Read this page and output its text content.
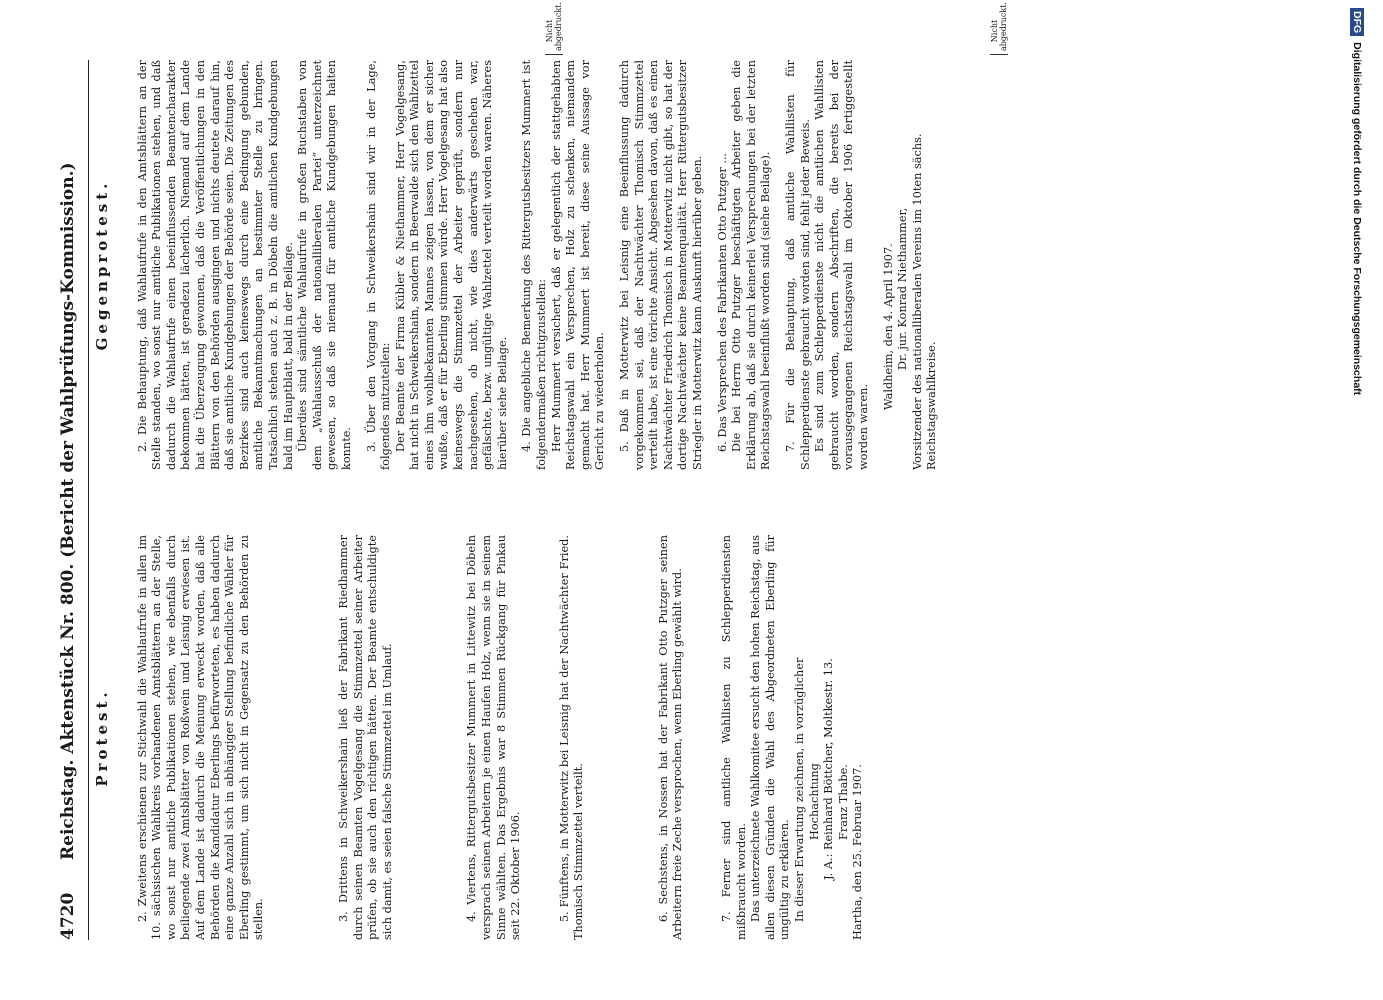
4720
Reichstag. Aktenstück Nr. 800. (Bericht der Wahlprüfungs-Kommission.) Protest. 2. Zweitens erschienen zur Stichwahl die Wahlaufrufe in allen im 10. sächsischen Wahlkreis vorhandenen Amtsblättern an der Stelle, wo sonst nur amtliche Publikationen stehen, wie ebenfalls durch beiliegende zwei Amtsblätter von Roßwein und Leisnig erwiesen ist. Auf dem Lande ist dadurch die Meinung erweckt worden, daß alle Behörden die Kandidatur Eberlings befürworteten, es haben dadurch eine ganze Anzahl sich in abhängiger Stellung befindliche Wähler für Eberling gestimmt, um sich nicht in Gegensatz zu den Behörden zu stellen.	3. Drittens in Schweikershain ließ der Fabrikant Riedhammer durch seinen Beamten Vogelgesang die Stimmzettel seiner Arbeiter prüfen, ob sie auch den richtigen hätten. Der Beamte entschuldigte sich damit, es seien falsche Stimmzettel im Umlauf.	4. Viertens, Rittergutsbesitzer Mummert in Littewitz bei Döbeln versprach seinen Arbeitern je einen Haufen Holz, wenn sie in seinem Sinne wählten. Das Ergebnis war 8 Stimmen Rückgang für Pinkau seit 22. Oktober 1906.	5. Fünftens, in Motterwitz bei Leisnig hat der Nachtwächter Fried. Thomisch Stimmzettel verteilt.	6. Sechstens, in Nossen hat der Fabrikant Otto Putzger seinen Arbeitern freie Zeche versprochen, wenn Eberling gewählt wird.	7. Ferner sind amtliche Wahllisten zu Schlepperdiensten mißbraucht worden. Das unterzeichnete Wahlkomitee ersucht den hohen Reichstag, aus allen diesen Gründen die Wahl des Abgeordneten Eberling für ungültig zu erklären. In dieser Erwartung zeichnen, in vorzüglicher Hochachtung J. A.: Reinhard Böttcher, Moltkestr. 13. Franz Thabe. Hartha, den 25. Februar 1907.
Gegenprotest. 2. Die Behauptung, daß Wahlaufrufe in den Amtsblättern an der Stelle standen, wo sonst nur amtliche Publikationen stehen, und daß dadurch die Wahlaufrufe einen beeinflussenden Beamtencharakter bekommen hätten, ist geradezu lächerlich. Niemand auf dem Lande hat die Überzeugung gewonnen, daß die Veröffentlichungen in den Blättern von den Behörden ausgingen und nichts deutete darauf hin, daß sie amtliche Kundgebungen der Behörde seien. Die Zeitungen des Bezirkes sind auch keineswegs durch eine Bedingung gebunden, amtliche Bekanntmachungen an bestimmter Stelle zu bringen. Tatsächlich stehen auch z. B. in Döbeln die amtlichen Kundgebungen bald im Hauptblatt, bald in der Beilage. Überdies sind sämtliche Wahlaufrufe in großen Buchstaben von dem „Wahlausschuß der nationalliberalen Partei“ unterzeichnet gewesen, so daß sie niemand für amtliche Kundgebungen halten konnte. 3. Über den Vorgang in Schweikershain sind wir in der Lage, folgendes mitzuteilen: Der Beamte der Firma Kübler & Niethammer, Herr Vogelgesang, hat nicht in Schweikershain, sondern in Beerwalde sich den Wahlzettel eines ihm wohlbekannten Mannes zeigen lassen, von dem er sicher wußte, daß er für Eberling stimmen würde. Herr Vogelgesang hat also keineswegs die Stimmzettel der Arbeiter geprüft, sondern nur nachgesehen, ob nicht, wie dies anderwärts geschehen war, gefälschte, bezw. ungültige Wahlzettel verteilt worden waren. Näheres hierüber siehe Beilage. 4. Die angebliche Bemerkung des Rittergutsbesitzers Mummert ist folgendermaßen richtigzustellen: Herr Mummert versichert, daß er gelegentlich der stattgehabten Reichstagswahl ein Versprechen, Holz zu schenken, niemandem gemacht hat. Herr Mummert ist bereit, diese seine Aussage vor Gericht zu wiederholen. 5. Daß in Motterwitz bei Leisnig eine Beeinflussung dadurch vorgekommen sei, daß der Nachtwächter Thomisch Stimmzettel verteilt habe, ist eine törichte Ansicht. Abgesehen davon, daß es einen Nachtwächter Friedrich Thomisch in Motterwitz nicht gibt, so hat der dortige Nachtwächter keine Beamtenqualität. Herr Rittergutsbesitzer Striegler in Motterwitz kann Auskunft hierüber geben. 6. Das Versprechen des Fabrikanten Otto Putzger ... Die bei Herrn Otto Putzger beschäftigten Arbeiter geben die Erklärung ab, daß sie durch keinerlei Versprechungen bei der letzten Reichstagswahl beeinflußt worden sind (siehe Beilage). 7. Für die Behauptung, daß amtliche Wahllisten für Schlepperdienste gebraucht worden sind, fehlt jeder Beweis. Es sind zum Schlepperdienste nicht die amtlichen Wahllisten gebraucht worden, sondern Abschriften, die bereits bei der vorausgegangenen Reichstagswahl im Oktober 1906 fertiggestellt worden waren.

Waldheim, den 4. April 1907. Dr. jur. Konrad Niethammer, Vorsitzender des nationalliberalen Vereins im 10ten sächs. Reichstagswahlkreise.
Nicht abgedruckt.	Nicht abgedruckt.	DFGDigitalisierung gefördert durch die Deutsche Forschungsgemeinschaft
